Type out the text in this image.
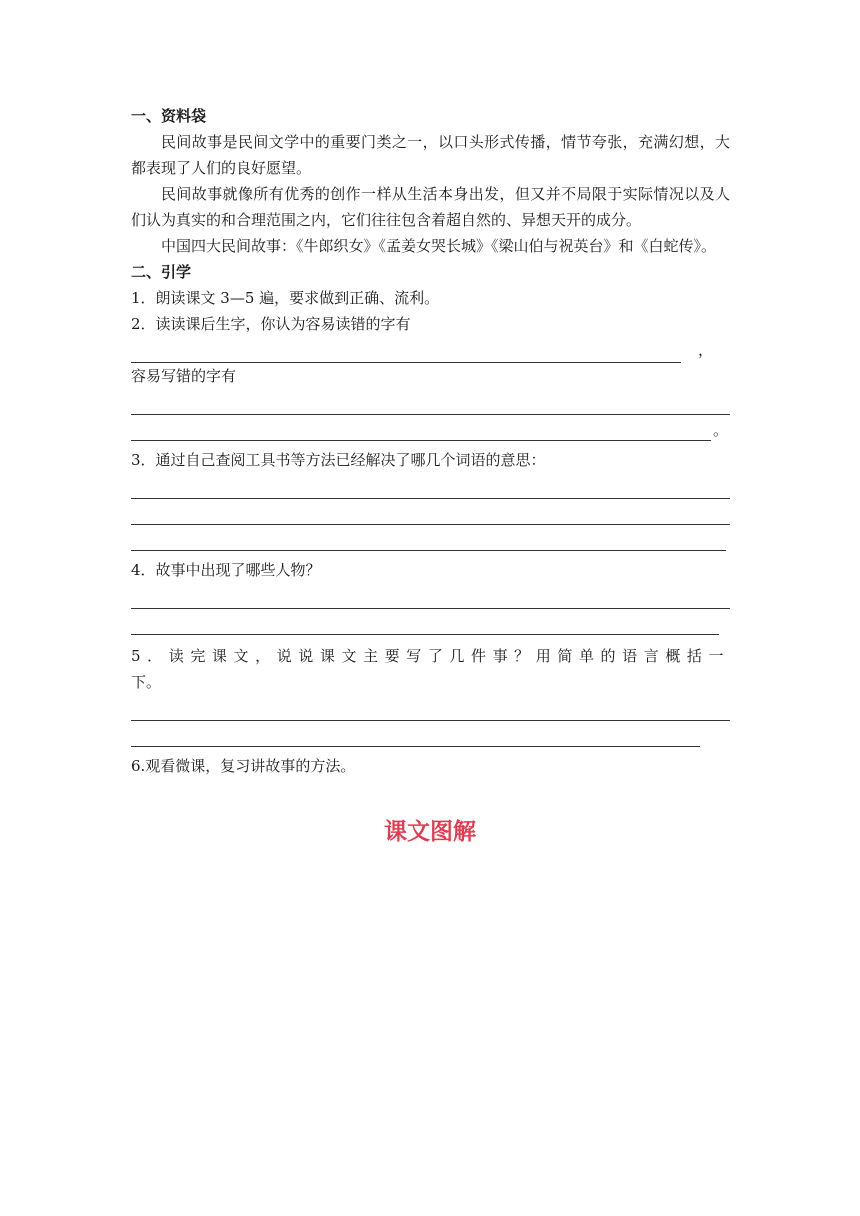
一、资料袋

民间故事是民间文学中的重要门类之一，以口头形式传播，情节夸张，充满幻想，大都表现了人们的良好愿望。

民间故事就像所有优秀的创作一样从生活本身出发，但又并不局限于实际情况以及人们认为真实的和合理范围之内，它们往往包含着超自然的、异想天开的成分。

中国四大民间故事：《牛郎织女》《孟姜女哭长城》《梁山伯与祝英台》和《白蛇传》。

二、引学
1．朗读课文 3—5 遍，要求做到正确、流利。
2．读读课后生字，你认为容易读错的字有
，
容易写错的字有
。
3．通过自己查阅工具书等方法已经解决了哪几个词语的意思：
4．故事中出现了哪些人物？

5．读完课文，说说课文主要写了几件事？用简单的语言概括一

下。
6.观看微课，复习讲故事的方法。
课文图解
